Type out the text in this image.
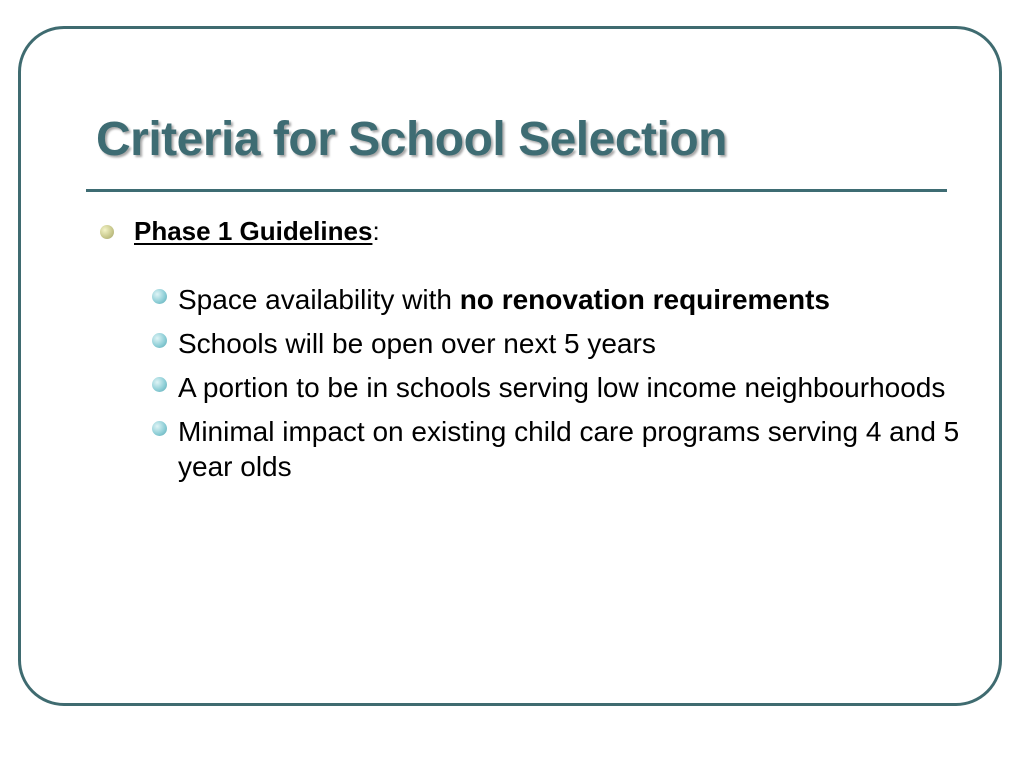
Criteria for School Selection
Phase 1 Guidelines :
Space availability with no renovation requirements
Schools will be open over next 5 years
A portion to be in schools serving low income neighbourhoods
Minimal impact on existing child care programs serving 4 and 5 year olds
